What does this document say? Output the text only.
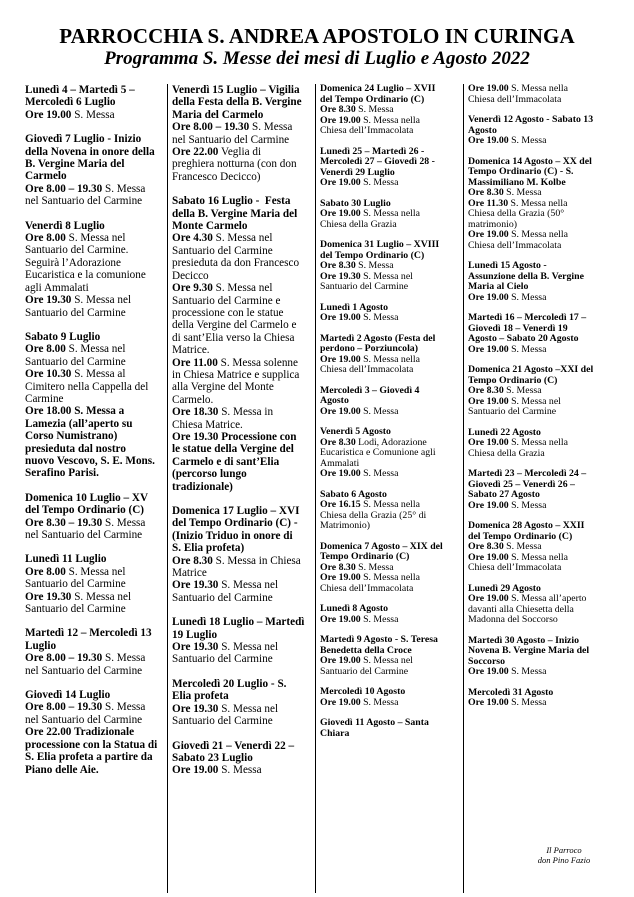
PARROCCHIA S. ANDREA APOSTOLO IN CURINGA
Programma S. Messe dei mesi di Luglio e Agosto 2022
Lunedì 4 – Martedì 5 –
Mercoledì 6 Luglio
Ore 19.00 S. Messa
Giovedì 7 Luglio - Inizio
della Novena in onore della
B. Vergine Maria del
Carmelo
Ore 8.00 – 19.30 S. Messa
nel Santuario del Carmine
Venerdì 8 Luglio
Ore 8.00 S. Messa nel
Santuario del Carmine.
Seguirà l’Adorazione
Eucaristica e la comunione
agli Ammalati
Ore 19.30 S. Messa nel
Santuario del Carmine
Sabato 9 Luglio
Ore 8.00 S. Messa nel
Santuario del Carmine
Ore 10.30 S. Messa al
Cimitero nella Cappella del
Carmine
Ore 18.00 S. Messa a
Lamezia (all’aperto su
Corso Numistrano)
presieduta dal nostro
nuovo Vescovo, S. E. Mons.
Serafino Parisi.
Domenica 10 Luglio – XV
del Tempo Ordinario (C)
Ore 8.30 – 19.30 S. Messa
nel Santuario del Carmine
Lunedì 11 Luglio
Ore 8.00 S. Messa nel
Santuario del Carmine
Ore 19.30 S. Messa nel
Santuario del Carmine
Martedì 12 – Mercoledì 13
Luglio
Ore 8.00 – 19.30 S. Messa
nel Santuario del Carmine
Giovedì 14 Luglio
Ore 8.00 – 19.30 S. Messa
nel Santuario del Carmine
Ore 22.00 Tradizionale
processione con la Statua di
S. Elia profeta a partire da
Piano delle Aie.
Venerdì 15 Luglio – Vigilia
della Festa della B. Vergine
Maria del Carmelo
Ore 8.00 – 19.30 S. Messa
nel Santuario del Carmine
Ore 22.00 Veglia di
preghiera notturna (con don
Francesco Decicco)
Sabato 16 Luglio -  Festa
della B. Vergine Maria del
Monte Carmelo
Ore 4.30 S. Messa nel
Santuario del Carmine
presieduta da don Francesco
Decicco
Ore 9.30 S. Messa nel
Santuario del Carmine e
processione con le statue
della Vergine del Carmelo e
di sant’Elia verso la Chiesa
Matrice.
Ore 11.00 S. Messa solenne
in Chiesa Matrice e supplica
alla Vergine del Monte
Carmelo.
Ore 18.30 S. Messa in
Chiesa Matrice.
Ore 19.30 Processione con
le statue della Vergine del
Carmelo e di sant’Elia
(percorso lungo
tradizionale)
Domenica 17 Luglio – XVI
del Tempo Ordinario (C) -
(Inizio Triduo in onore di
S. Elia profeta)
Ore 8.30 S. Messa in Chiesa
Matrice
Ore 19.30 S. Messa nel
Santuario del Carmine
Lunedì 18 Luglio – Martedì
19 Luglio
Ore 19.30 S. Messa nel
Santuario del Carmine
Mercoledì 20 Luglio - S.
Elia profeta
Ore 19.30 S. Messa nel
Santuario del Carmine
Giovedì 21 – Venerdì 22 –
Sabato 23 Luglio
Ore 19.00 S. Messa
Domenica 24 Luglio – XVII
del Tempo Ordinario (C)
Ore 8.30 S. Messa
Ore 19.00 S. Messa nella
Chiesa dell’Immacolata
Lunedì 25 – Martedì 26 -
Mercoledì 27 – Giovedì 28 -
Venerdì 29 Luglio
Ore 19.00 S. Messa
Sabato 30 Luglio
Ore 19.00 S. Messa nella
Chiesa della Grazia
Domenica 31 Luglio – XVIII
del Tempo Ordinario (C)
Ore 8.30 S. Messa
Ore 19.30 S. Messa nel
Santuario del Carmine
Lunedì 1 Agosto
Ore 19.00 S. Messa
Martedì 2 Agosto (Festa del
perdono – Porziuncola)
Ore 19.00 S. Messa nella
Chiesa dell’Immacolata
Mercoledì 3 – Giovedì 4
Agosto
Ore 19.00 S. Messa
Venerdì 5 Agosto
Ore 8.30 Lodi, Adorazione
Eucaristica e Comunione agli
Ammalati
Ore 19.00 S. Messa
Sabato 6 Agosto
Ore 16.15 S. Messa nella
Chiesa della Grazia (25° di
Matrimonio)
Domenica 7 Agosto – XIX del
Tempo Ordinario (C)
Ore 8.30 S. Messa
Ore 19.00 S. Messa nella
Chiesa dell’Immacolata
Lunedì 8 Agosto
Ore 19.00 S. Messa
Martedì 9 Agosto - S. Teresa
Benedetta della Croce
Ore 19.00 S. Messa nel
Santuario del Carmine
Mercoledì 10 Agosto
Ore 19.00 S. Messa
Giovedì 11 Agosto – Santa
Chiara
Ore 19.00 S. Messa nella
Chiesa dell’Immacolata
Venerdì 12 Agosto - Sabato 13
Agosto
Ore 19.00 S. Messa
Domenica 14 Agosto – XX del
Tempo Ordinario (C) - S.
Massimiliano M. Kolbe
Ore 8.30 S. Messa
Ore 11.30 S. Messa nella
Chiesa della Grazia (50°
matrimonio)
Ore 19.00 S. Messa nella
Chiesa dell’Immacolata
Lunedì 15 Agosto -
Assunzione della B. Vergine
Maria al Cielo
Ore 19.00 S. Messa
Martedì 16 – Mercoledì 17 –
Giovedì 18 – Venerdì 19
Agosto – Sabato 20 Agosto
Ore 19.00 S. Messa
Domenica 21 Agosto –XXI del
Tempo Ordinario (C)
Ore 8.30 S. Messa
Ore 19.00 S. Messa nel
Santuario del Carmine
Lunedì 22 Agosto
Ore 19.00 S. Messa nella
Chiesa della Grazia
Martedì 23 – Mercoledì 24 –
Giovedì 25 – Venerdì 26 –
Sabato 27 Agosto
Ore 19.00 S. Messa
Domenica 28 Agosto – XXII
del Tempo Ordinario (C)
Ore 8.30 S. Messa
Ore 19.00 S. Messa nella
Chiesa dell’Immacolata
Lunedì 29 Agosto
Ore 19.00 S. Messa all’aperto
davanti alla Chiesetta della
Madonna del Soccorso
Martedì 30 Agosto – Inizio
Novena B. Vergine Maria del
Soccorso
Ore 19.00 S. Messa
Mercoledì 31 Agosto
Ore 19.00 S. Messa
Il Parroco
don Pino Fazio
